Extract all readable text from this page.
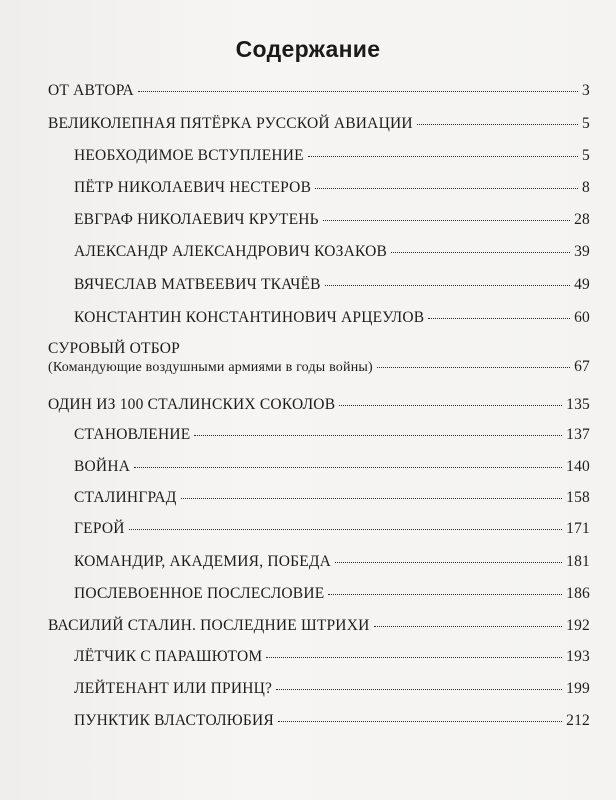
Содержание
ОТ АВТОРА	3
ВЕЛИКОЛЕПНАЯ ПЯТЁРКА РУССКОЙ АВИАЦИИ	5
НЕОБХОДИМОЕ ВСТУПЛЕНИЕ	5
ПЁТР НИКОЛАЕВИЧ НЕСТЕРОВ	8
ЕВГРАФ НИКОЛАЕВИЧ КРУТЕНЬ	28
АЛЕКСАНДР АЛЕКСАНДРОВИЧ КОЗАКОВ	39
ВЯЧЕСЛАВ МАТВЕЕВИЧ ТКАЧЁВ	49
КОНСТАНТИН КОНСТАНТИНОВИЧ АРЦЕУЛОВ	60
СУРОВЫЙ ОТБОР
(Командующие воздушными армиями в годы войны)	67
ОДИН ИЗ 100 СТАЛИНСКИХ СОКОЛОВ	135
СТАНОВЛЕНИЕ	137
ВОЙНА	140
СТАЛИНГРАД	158
ГЕРОЙ	171
КОМАНДИР, АКАДЕМИЯ, ПОБЕДА	181
ПОСЛЕВОЕННОЕ ПОСЛЕСЛОВИЕ	186
ВАСИЛИЙ СТАЛИН. ПОСЛЕДНИЕ ШТРИХИ	192
ЛЁТЧИК С ПАРАШЮТОМ	193
ЛЕЙТЕНАНТ ИЛИ ПРИНЦ?	199
ПУНКТИК ВЛАСТОЛЮБИЯ	212
